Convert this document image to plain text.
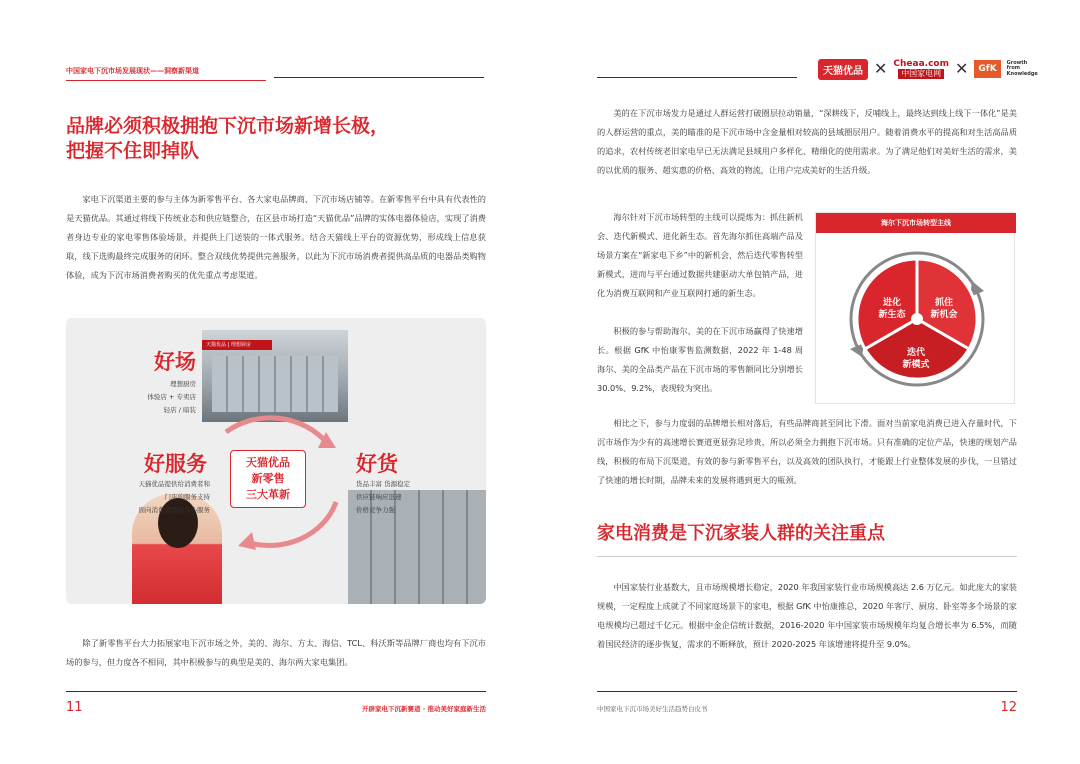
中国家电下沉市场发展现状——洞察新渠道	天猫优品 ✕ Cheaa.com
中国家电网 ✕	GfK
Growth
from
Knowledge
品牌必须积极拥抱下沉市场新增长极，
把握不住即掉队

家电下沉渠道主要的参与主体为新零售平台、各大家电品牌商、下沉市场店铺等。在新零售平台中具有代表性的是天猫优品。其通过将线下传统业态和供应链整合，在区县市场打造“天猫优品”品牌的实体电器体验店，实现了消费者身边专业的家电零售体验场景，并提供上门送装的一体式服务。结合天猫线上平台的资源优势，形成线上信息获取，线下选购最终完成服务的闭环。整合双线优势提供完善服务，以此为下沉市场消费者提供高品质的电器品类购物体验，成为下沉市场消费者购买的优先重点考虑渠道。

天猫优品 | 理想厨房
好场
理想厨房
体验店 + 专卖店
轻店 / 暗装
好服务
天猫优品提供给消费者和
门店的服务支持
面向消费者提供五心服务
天猫优品
新零售
三大革新
好货
货品丰富 货源稳定
供应链响应迅速
价格竞争力强

除了新零售平台大力拓展家电下沉市场之外，美的、海尔、方太、海信、TCL、科沃斯等品牌厂商也均有下沉市场的参与，但力度各不相同，其中积极参与的典型是美的、海尔两大家电集团。

美的在下沉市场发力是通过人群运营打破圈层拉动销量，“深耕线下，反哺线上，最终达到线上线下一体化”是美的人群运营的重点，美的瞄准的是下沉市场中含金量相对较高的县域圈层用户。随着消费水平的提高和对生活高品质的追求，农村传统老旧家电早已无法满足县域用户多样化、精细化的使用需求。为了满足他们对美好生活的需求，美的以优质的服务、超实惠的价格、高效的物流，让用户完成美好的生活升级。

海尔针对下沉市场转型的主线可以提炼为：抓住新机会、迭代新模式、进化新生态。首先海尔抓住高端产品及场景方案在“新家电下乡”中的新机会，然后迭代零售转型新模式，进而与平台通过数据共建驱动大单包销产品，进化为消费互联网和产业互联网打通的新生态。

积极的参与帮助海尔、美的在下沉市场赢得了快速增长。根据 GfK 中怡康零售监测数据，2022 年 1-48 周海尔、美的全品类产品在下沉市场的零售额同比分别增长 30.0%、9.2%，表现较为突出。

海尔下沉市场转型主线
进化
新生态
抓住
新机会
迭代
新模式

相比之下，参与力度弱的品牌增长相对落后，有些品牌商甚至同比下滑。面对当前家电消费已进入存量时代，下沉市场作为少有的高速增长赛道更显弥足珍贵，所以必须全力拥抱下沉市场。只有准确的定位产品，快速的规划产品线，积极的布局下沉渠道，有效的参与新零售平台，以及高效的团队执行，才能跟上行业整体发展的步伐，一旦错过了快速的增长时期，品牌未来的发展将遇到更大的瓶颈。

家电消费是下沉家装人群的关注重点

中国家装行业基数大，且市场规模增长稳定，2020 年我国家装行业市场规模高达 2.6 万亿元。如此庞大的家装规模，一定程度上成就了不同家庭场景下的家电，根据 GfK 中怡康推总，2020 年客厅、厨房、卧室等多个场景的家电规模均已超过千亿元。根据中金企信统计数据，2016-2020 年中国家装市场规模年均复合增长率为 6.5%，而随着国民经济的逐步恢复，需求的不断释放，预计 2020-2025 年该增速将提升至 9.0%。

11	开辟家电下沉新赛道 · 推动美好家庭新生活	中国家电下沉市场美好生活趋势白皮书	12
